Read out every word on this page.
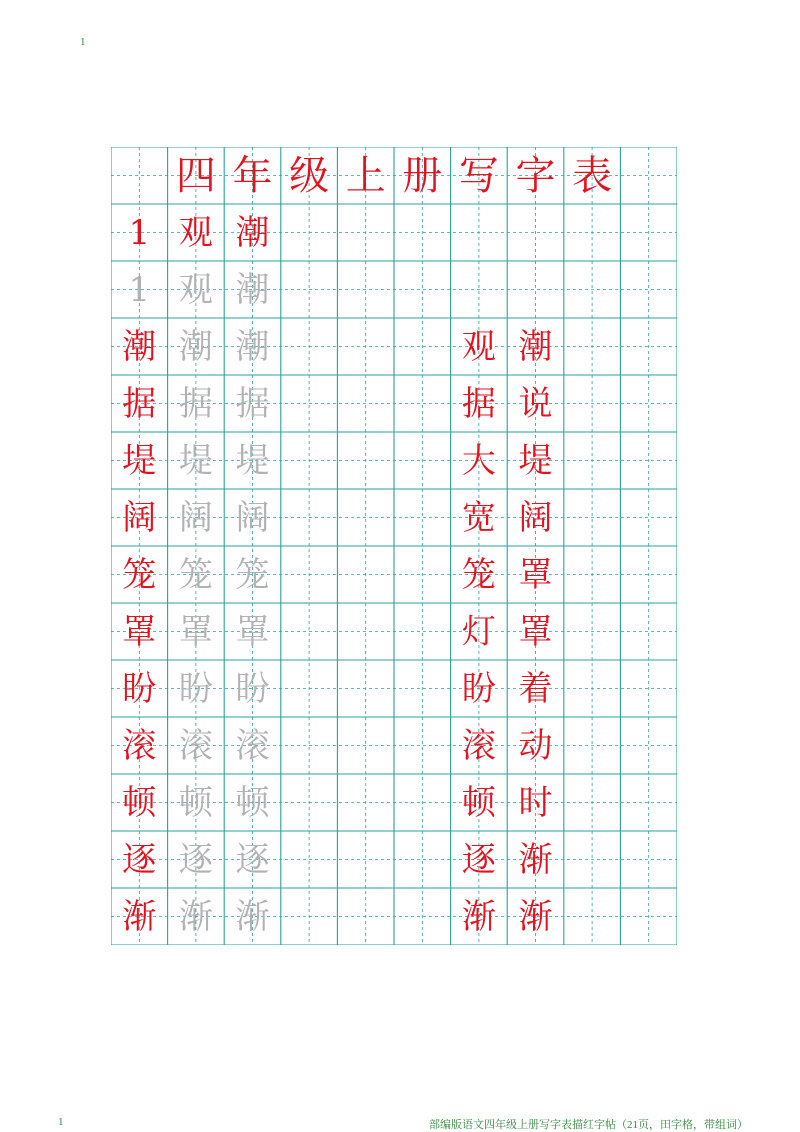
1
四 年 级 上 册 写 字 表
1 观 潮
1 观 潮
潮 潮 潮	观 潮
据 据 据	据 说
堤 堤 堤	大 堤
阔 阔 阔	宽 阔
笼 笼 笼	笼 罩
罩 罩 罩	灯 罩
盼 盼 盼	盼 着
滚 滚 滚	滚 动
顿 顿 顿	顿 时
逐 逐 逐	逐 渐
渐 渐 渐	渐 渐
1	部编版语文四年级上册写字表描红字帖（21页，田字格，带组词）
